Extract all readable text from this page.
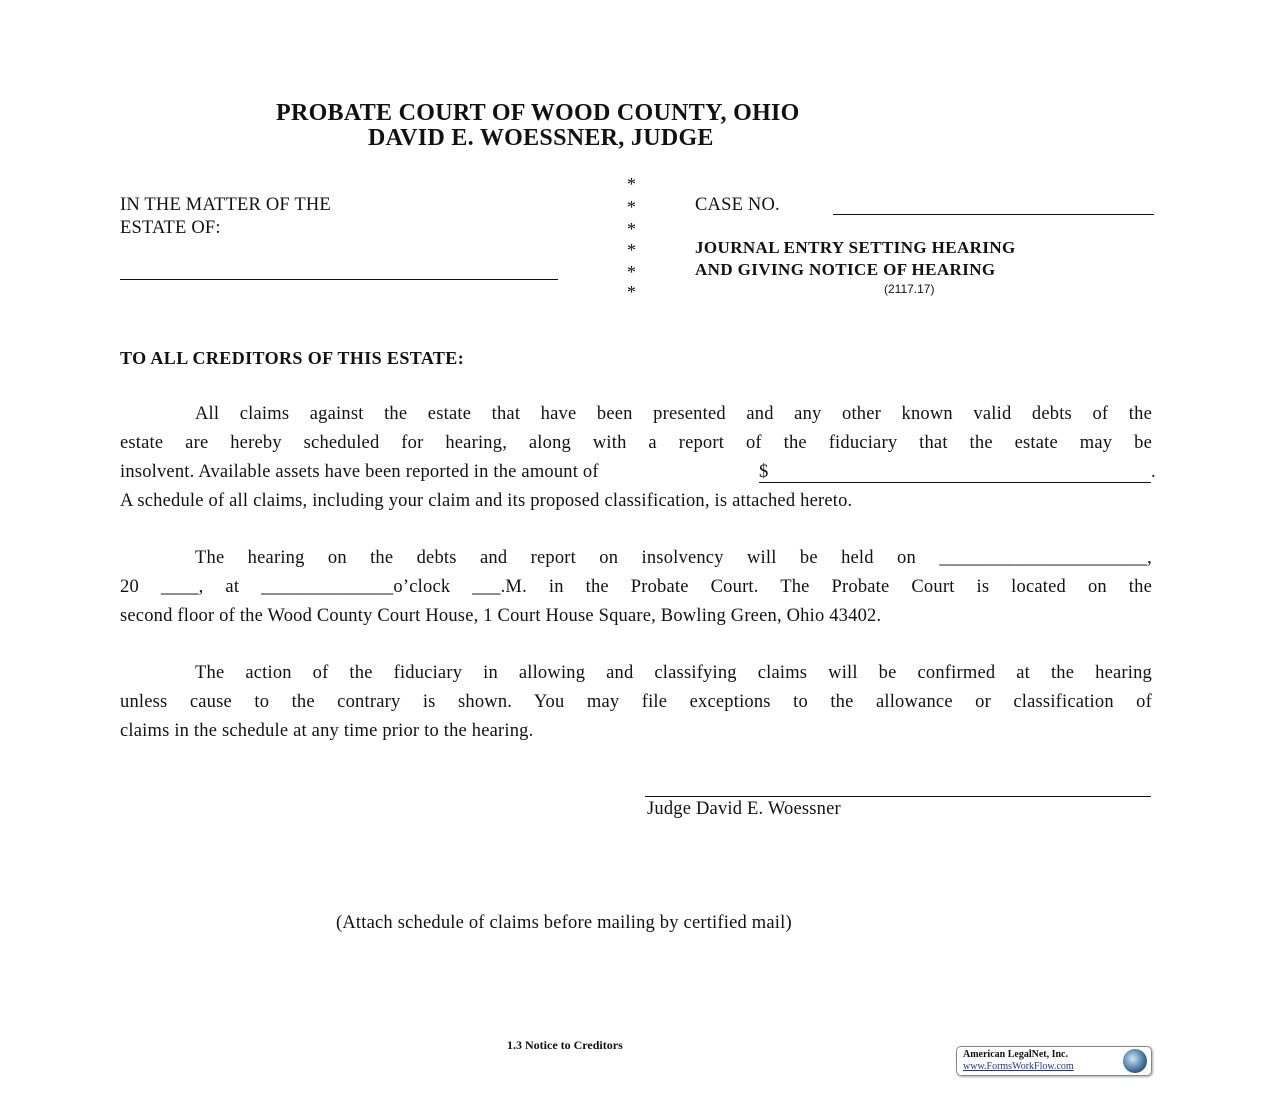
PROBATE COURT OF WOOD COUNTY, OHIO
DAVID E. WOESSNER, JUDGE
IN THE MATTER OF THE
ESTATE OF:
*
*
*
*
*
*
CASE NO.
JOURNAL ENTRY SETTING HEARING
AND GIVING NOTICE OF HEARING
(2117.17)
TO ALL CREDITORS OF THIS ESTATE:
All claims against the estate that have been presented and any other known valid debts of the
estate are hereby scheduled for hearing, along with a report of the fiduciary that the estate may be
insolvent. Available assets have been reported in the amount of	$	.
A schedule of all claims, including your claim and its proposed classification, is attached hereto.
The hearing on the debts and report on insolvency will be held on ______________________,
20 ____, at ______________o’clock ___.M. in the Probate Court. The Probate Court is located on the
second floor of the Wood County Court House, 1 Court House Square, Bowling Green, Ohio 43402.
The action of the fiduciary in allowing and classifying claims will be confirmed at the hearing
unless cause to the contrary is shown. You may file exceptions to the allowance or classification of
claims in the schedule at any time prior to the hearing.
Judge David E. Woessner
(Attach schedule of claims before mailing by certified mail)
1.3 Notice to Creditors
American LegalNet, Inc.
www.FormsWorkFlow.com
